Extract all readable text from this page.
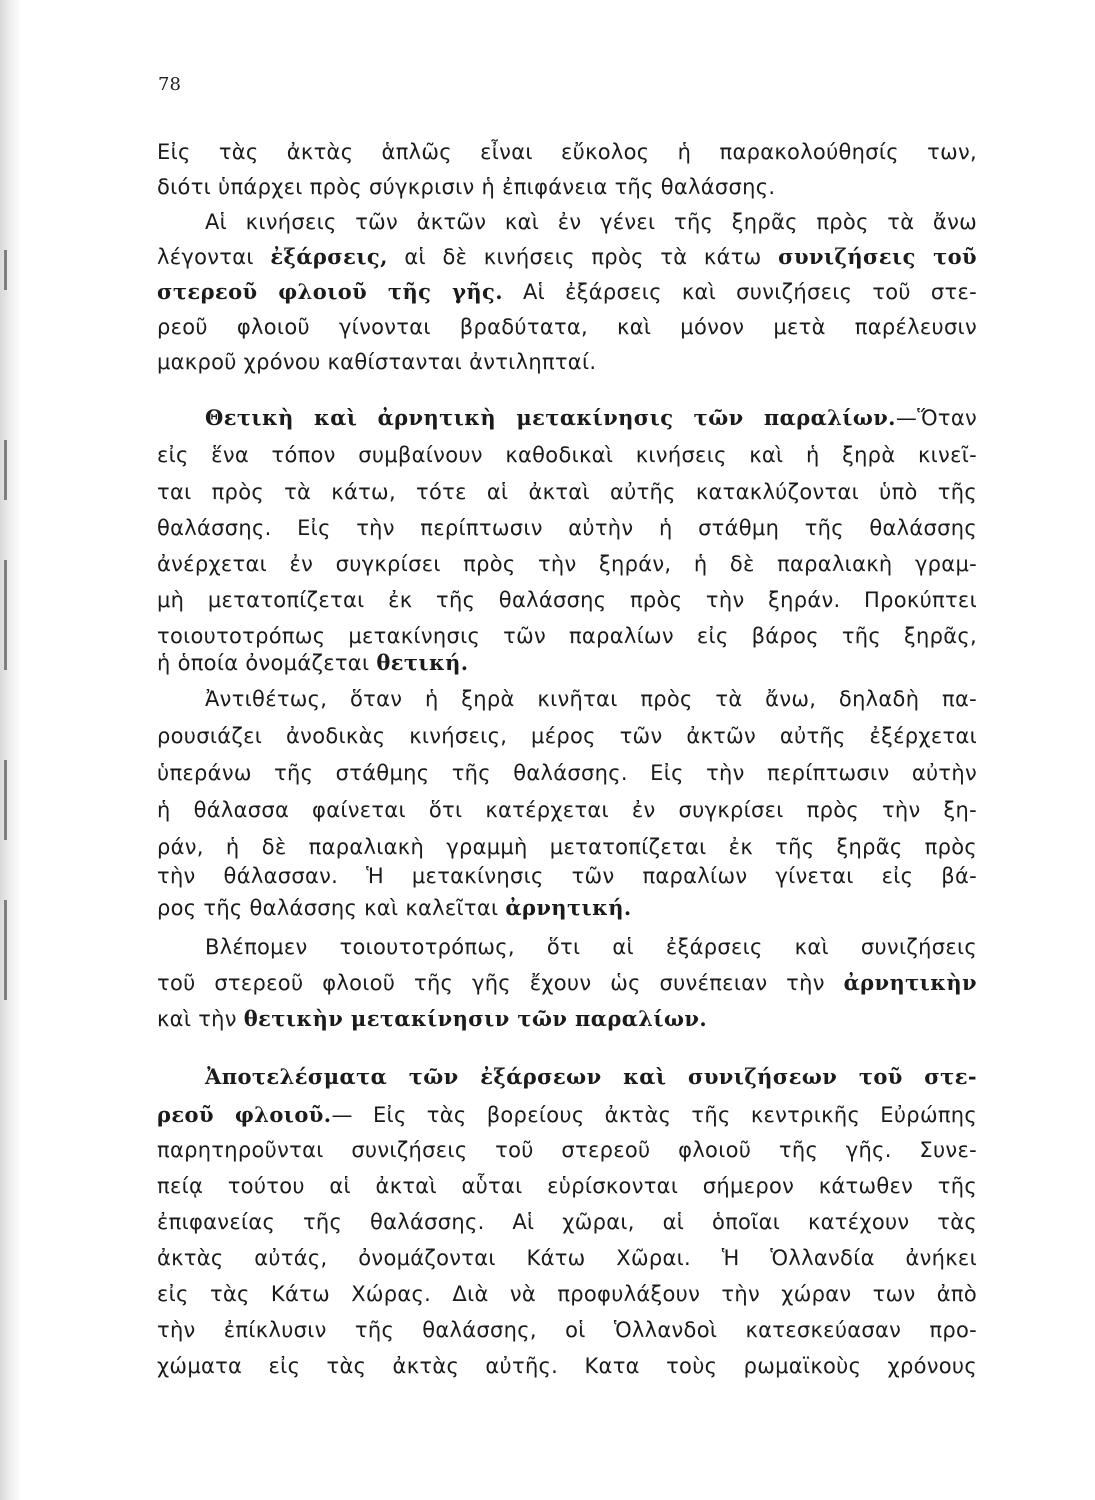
78
Εἰς τὰς ἀκτὰς ἁπλῶς εἶναι εὔκολος ἡ παρακολούθησίς των,
διότι ὑπάρχει πρὸς σύγκρισιν ἡ ἐπιφάνεια τῆς θαλάσσης.
Αἱ κινήσεις τῶν ἀκτῶν καὶ ἐν γένει τῆς ξηρᾶς πρὸς τὰ ἄνω
λέγονται ἐξάρσεις, αἱ δὲ κινήσεις πρὸς τὰ κάτω συνιζήσεις τοῦ
στερεοῦ φλοιοῦ τῆς γῆς. Αἱ ἐξάρσεις καὶ συνιζήσεις τοῦ στε-
ρεοῦ φλοιοῦ γίνονται βραδύτατα, καὶ μόνον μετὰ παρέλευσιν
μακροῦ χρόνου καθίστανται ἀντιληπταί.
Θετικὴ καὶ ἀρνητικὴ μετακίνησις τῶν παραλίων.—Ὅταν
εἰς ἕνα τόπον συμβαίνουν καθοδικαὶ κινήσεις καὶ ἡ ξηρὰ κινεῖ-
ται πρὸς τὰ κάτω, τότε αἱ ἀκταὶ αὐτῆς κατακλύζονται ὑπὸ τῆς
θαλάσσης. Εἰς τὴν περίπτωσιν αὐτὴν ἡ στάθμη τῆς θαλάσσης
ἀνέρχεται ἐν συγκρίσει πρὸς τὴν ξηράν, ἡ δὲ παραλιακὴ γραμ-
μὴ μετατοπίζεται ἐκ τῆς θαλάσσης πρὸς τὴν ξηράν. Προκύπτει
τοιουτοτρόπως μετακίνησις τῶν παραλίων εἰς βάρος τῆς ξηρᾶς,
ἡ ὁποία ὀνομάζεται θετική.
Ἀντιθέτως, ὅταν ἡ ξηρὰ κινῆται πρὸς τὰ ἄνω, δηλαδὴ πα-
ρουσιάζει ἀνοδικὰς κινήσεις, μέρος τῶν ἀκτῶν αὐτῆς ἐξέρχεται
ὑπεράνω τῆς στάθμης τῆς θαλάσσης. Εἰς τὴν περίπτωσιν αὐτὴν
ἡ θάλασσα φαίνεται ὅτι κατέρχεται ἐν συγκρίσει πρὸς τὴν ξη-
ράν, ἡ δὲ παραλιακὴ γραμμὴ μετατοπίζεται ἐκ τῆς ξηρᾶς πρὸς
τὴν θάλασσαν. Ἡ μετακίνησις τῶν παραλίων γίνεται εἰς βά-
ρος τῆς θαλάσσης καὶ καλεῖται ἀρνητική.
Βλέπομεν τοιουτοτρόπως, ὅτι αἱ ἐξάρσεις καὶ συνιζήσεις
τοῦ στερεοῦ φλοιοῦ τῆς γῆς ἔχουν ὡς συνέπειαν τὴν ἀρνητικὴν
καὶ τὴν θετικὴν μετακίνησιν τῶν παραλίων.
Ἀποτελέσματα τῶν ἐξάρσεων καὶ συνιζήσεων τοῦ στε-
ρεοῦ φλοιοῦ.— Εἰς τὰς βορείους ἀκτὰς τῆς κεντρικῆς Εὐρώπης
παρητηροῦνται συνιζήσεις τοῦ στερεοῦ φλοιοῦ τῆς γῆς. Συνε-
πείᾳ τούτου αἱ ἀκταὶ αὗται εὑρίσκονται σήμερον κάτωθεν τῆς
ἐπιφανείας τῆς θαλάσσης. Αἱ χῶραι, αἱ ὁποῖαι κατέχουν τὰς
ἀκτὰς αὐτάς, ὀνομάζονται Κάτω Χῶραι. Ἡ Ὁλλανδία ἀνήκει
εἰς τὰς Κάτω Χώρας. Διὰ νὰ προφυλάξουν τὴν χώραν των ἀπὸ
τὴν ἐπίκλυσιν τῆς θαλάσσης, οἱ Ὁλλανδοὶ κατεσκεύασαν προ-
χώματα εἰς τὰς ἀκτὰς αὐτῆς. Κατα τοὺς ρωμαϊκοὺς χρόνους
